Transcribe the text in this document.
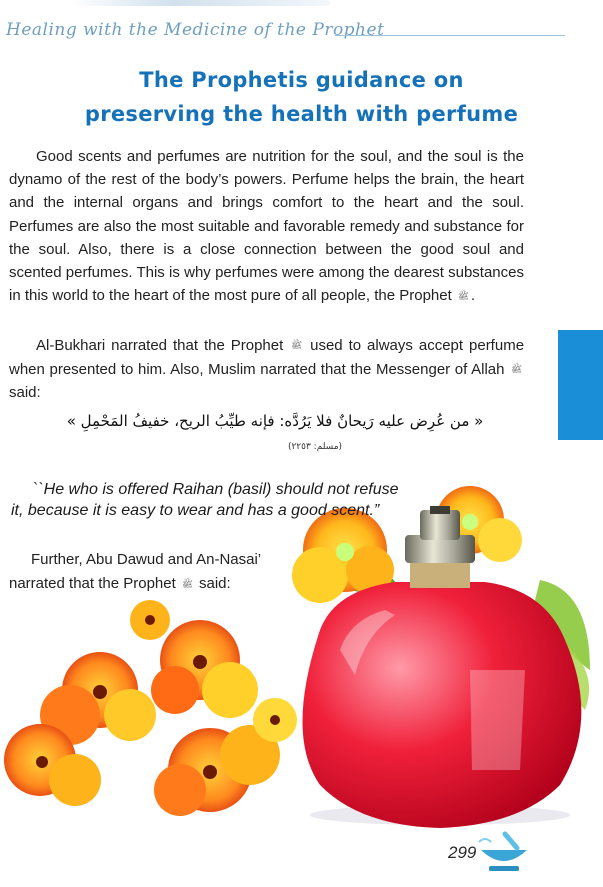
Healing with the Medicine of the Prophet
The Prophetis guidance on
preserving the health with perfume
Good scents and perfumes are nutrition for the soul, and the soul is the dynamo of the rest of the body’s powers. Perfume helps the brain, the heart and the internal organs and brings comfort to the heart and the soul. Perfumes are also the most suitable and favorable remedy and substance for the soul. Also, there is a close connection between the good soul and scented perfumes. This is why perfumes were among the dearest substances in this world to the heart of the most pure of all people, the Prophet ﷺ .
Al-Bukhari narrated that the Prophet ﷺ used to always accept perfume when presented to him. Also, Muslim narrated that the Messenger of Allah ﷺ said:
« من عُرِض عليه رَيحانٌ فلا يَرُدَّه: فإنه طيِّبُ الريح، خفيفُ المَحْمِلِ »
(مسلم: ٢٢٥٣)
``He who is offered Raihan (basil) should not refuse it, because it is easy to wear and has a good scent.”
Further, Abu Dawud and An-Nasai’ narrated that the Prophet ﷺ said:
299
